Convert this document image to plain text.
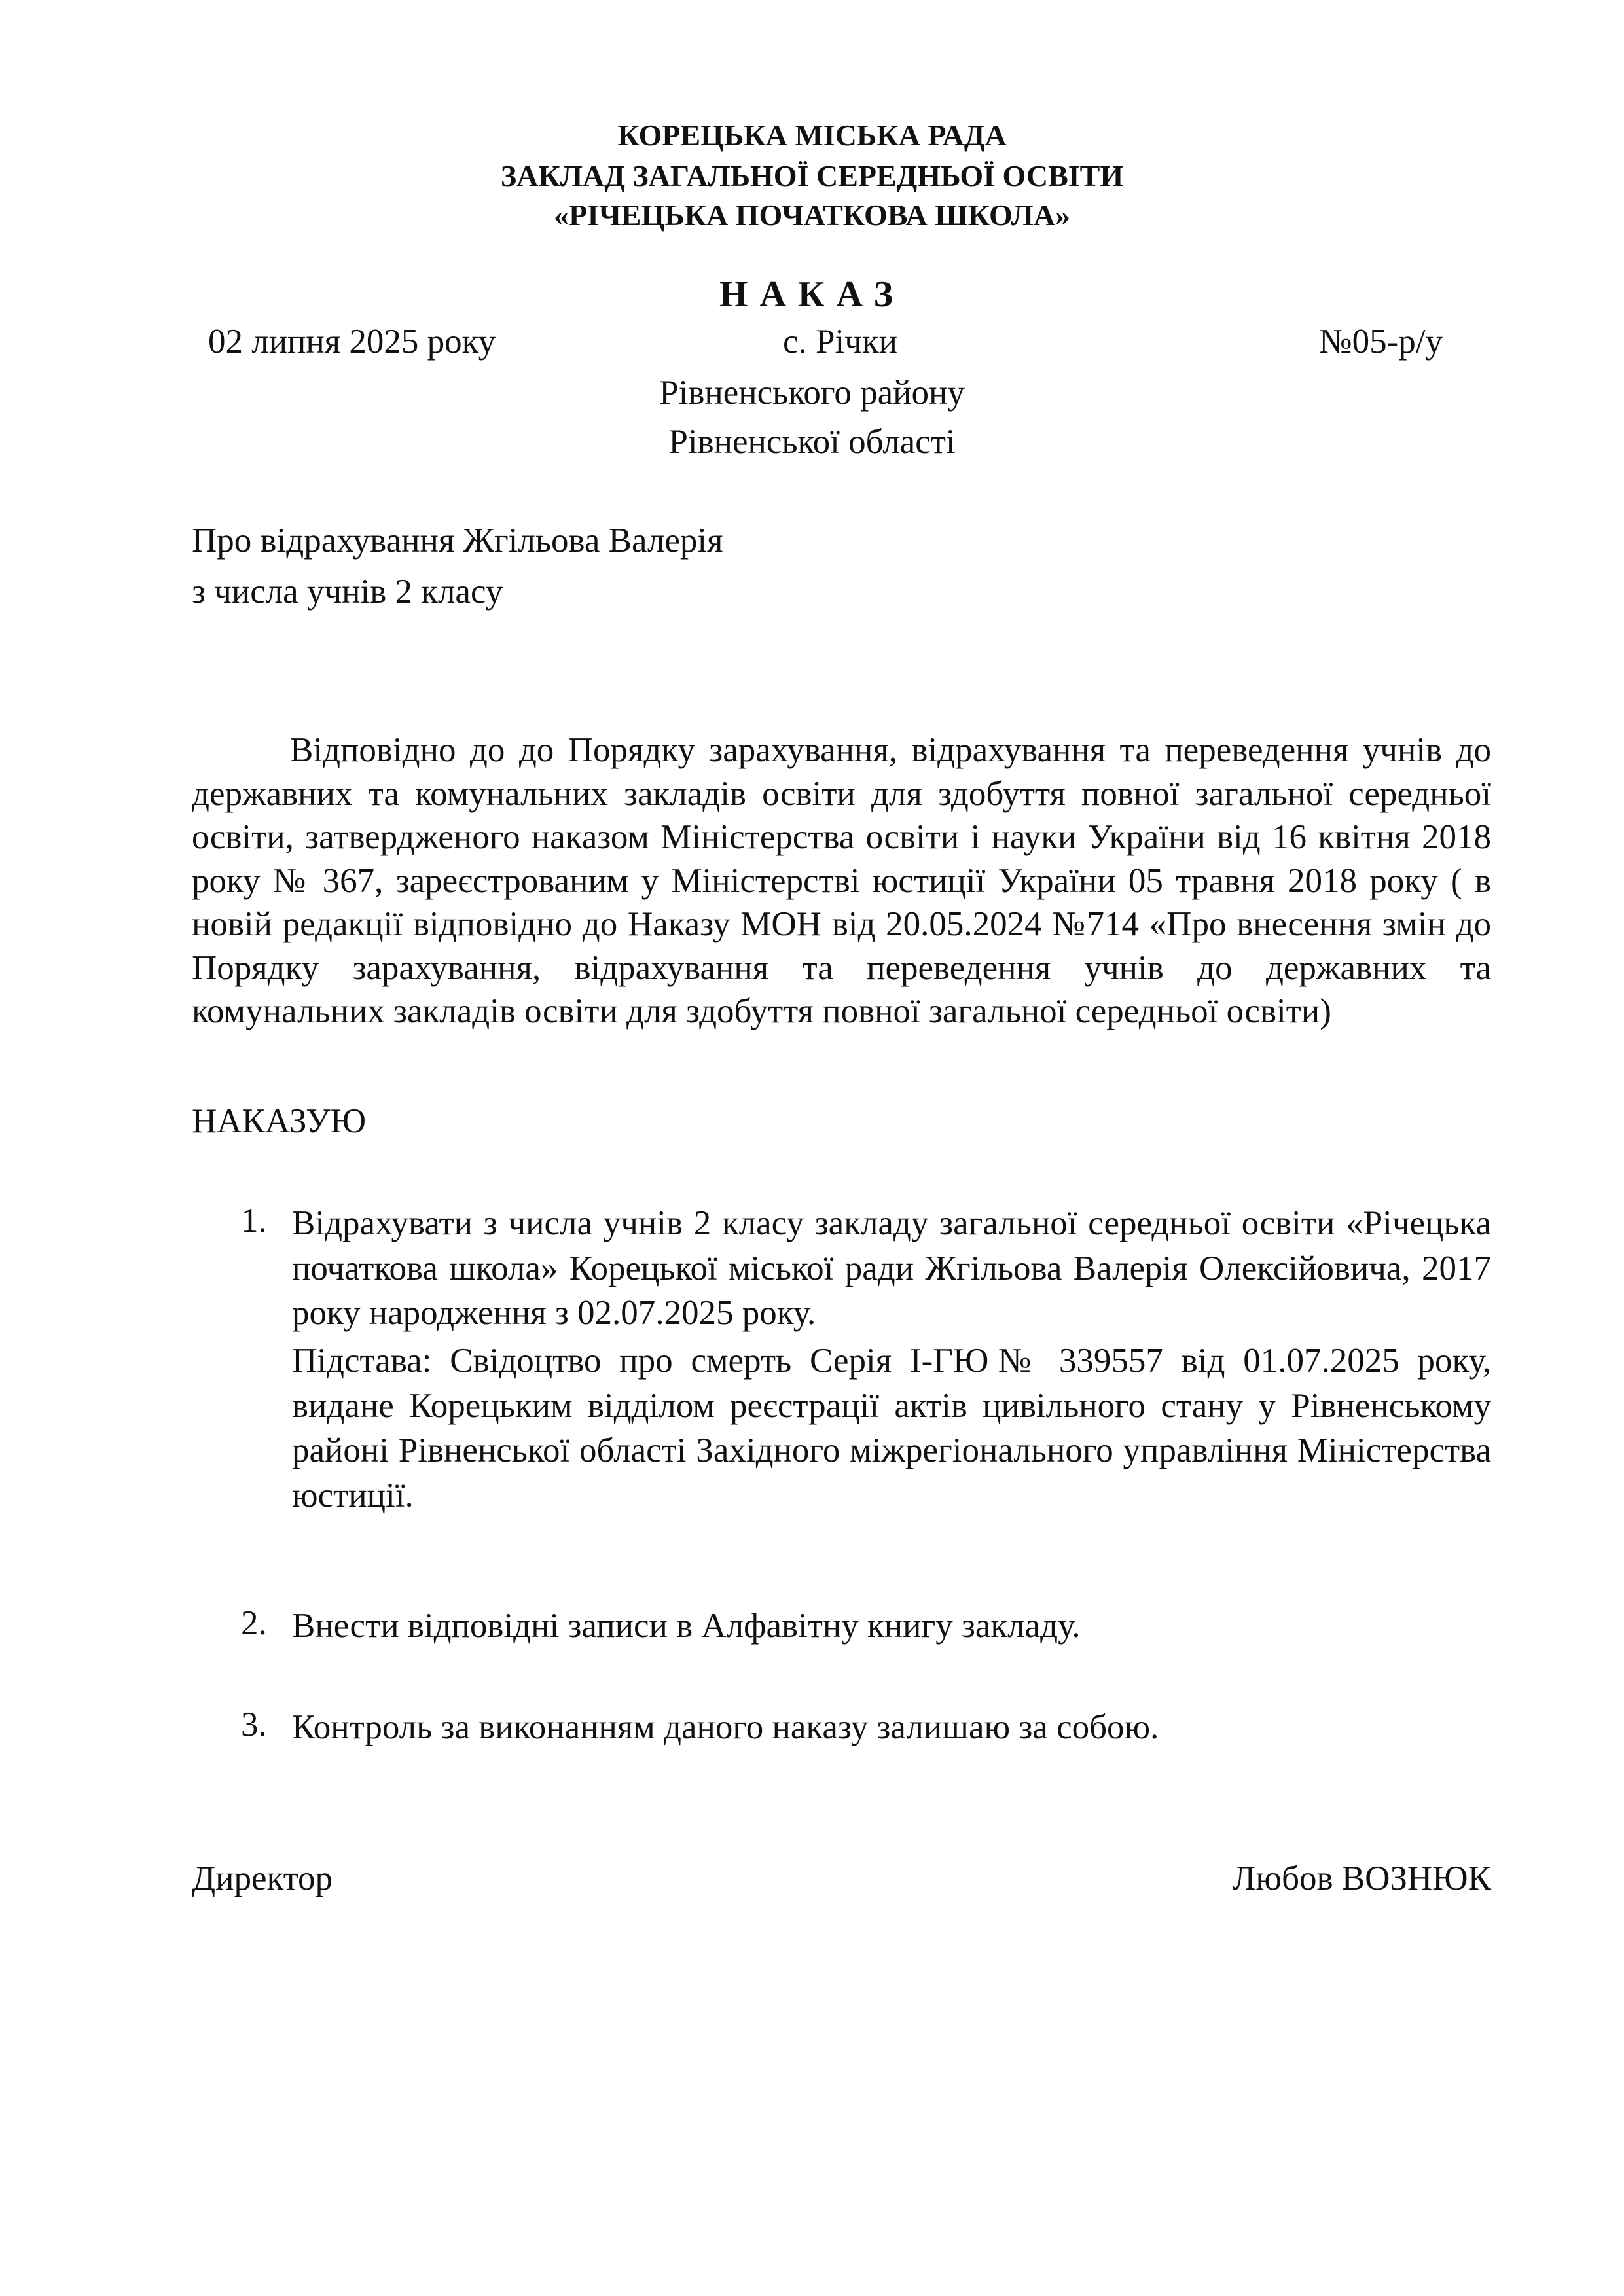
КОРЕЦЬКА МІСЬКА РАДА
ЗАКЛАД ЗАГАЛЬНОЇ СЕРЕДНЬОЇ ОСВІТИ
«РІЧЕЦЬКА ПОЧАТКОВА ШКОЛА»
НАКАЗ
02 липня 2025 року	с. Річки	№05-р/у
Рівненського району
Рівненської області
Про відрахування Жгільова Валерія
з числа учнів 2 класу
Відповідно до до Порядку зарахування, відрахування та переведення учнів до державних та комунальних закладів освіти для здобуття повної загальної середньої освіти, затвердженого наказом Міністерства освіти і науки України від 16 квітня 2018 року № 367, зареєстрованим у Міністерстві юстиції України 05 травня 2018 року ( в новій редакції відповідно до Наказу МОН від 20.05.2024 №714 «Про внесення змін до Порядку зарахування, відрахування та переведення учнів до державних та комунальних закладів освіти для здобуття повної загальної середньої освіти)
НАКАЗУЮ
1. Відрахувати з числа учнів 2 класу закладу загальної середньої освіти «Річецька початкова школа» Корецької міської ради Жгільова Валерія Олексійовича, 2017 року народження з 02.07.2025 року.
Підстава: Свідоцтво про смерть Серія І-ГЮ№ 339557 від 01.07.2025 року, видане Корецьким відділом реєстрації актів цивільного стану у Рівненському районі Рівненської області Західного міжрегіонального управління Міністерства юстиції.
2. Внести відповідні записи в Алфавітну книгу закладу.
3. Контроль за виконанням даного наказу залишаю за собою.
Директор	Любов ВОЗНЮК
